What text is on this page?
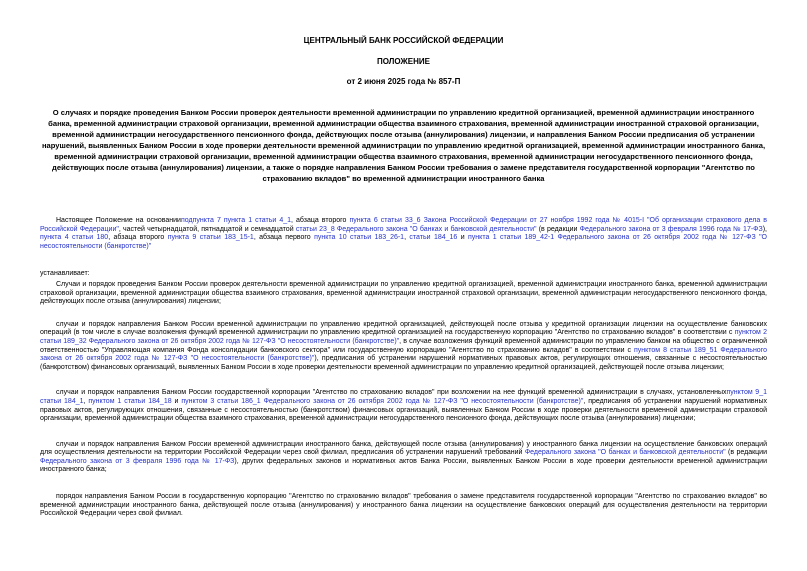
ЦЕНТРАЛЬНЫЙ БАНК РОССИЙСКОЙ ФЕДЕРАЦИИ
ПОЛОЖЕНИЕ
от 2 июня 2025 года № 857-П
О случаях и порядке проведения Банком России проверок деятельности временной администрации по управлению кредитной организацией, временной администрации иностранного банка, временной администрации страховой организации, временной администрации общества взаимного страхования, временной администрации иностранной страховой организации, временной администрации негосударственного пенсионного фонда, действующих после отзыва (аннулирования) лицензии, и направления Банком России предписания об устранении нарушений, выявленных Банком России в ходе проверки деятельности временной администрации по управлению кредитной организацией, временной администрации иностранного банка, временной администрации страховой организации, временной администрации общества взаимного страхования, временной администрации негосударственного пенсионного фонда, действующих после отзыва (аннулирования) лицензии, а также о порядке направления Банком России требования о замене представителя государственной корпорации "Агентство по страхованию вкладов" во временной администрации иностранного банка

Настоящее Положение на основанииподпункта 7 пункта 1 статьи 4_1, абзаца второго пункта 6 статьи 33_6 Закона Российской Федерации от 27 ноября 1992 года № 4015-I "Об организации страхового дела в Российской Федерации", частей четырнадцатой, пятнадцатой и семнадцатой статьи 23_8 Федерального закона "О банках и банковской деятельности" (в редакции Федерального закона от 3 февраля 1996 года № 17-ФЗ), пункта 4 статьи 180, абзаца второго пункта 9 статьи 183_15-1, абзаца первого пункта 10 статьи 183_26-1, статьи 184_16 и пункта 1 статьи 189_42-1 Федерального закона от 26 октября 2002 года № 127-ФЗ "О несостоятельности (банкротстве)"

устанавливает:

Случаи и порядок проведения Банком России проверок деятельности временной администрации по управлению кредитной организацией, временной администрации иностранного банка, временной администрации страховой организации, временной администрации общества взаимного страхования, временной администрации иностранной страховой организации, временной администрации негосударственного пенсионного фонда, действующих после отзыва (аннулирования) лицензии;

случаи и порядок направления Банком России временной администрации по управлению кредитной организацией, действующей после отзыва у кредитной организации лицензии на осуществление банковских операций (в том числе в случае возложения функций временной администрации по управлению кредитной организацией на государственную корпорацию "Агентство по страхованию вкладов" в соответствии с пунктом 2 статьи 189_32 Федерального закона от 26 октября 2002 года № 127-ФЗ "О несостоятельности (банкротстве)", в случае возложения функций временной администрации по управлению банком на общество с ограниченной ответственностью "Управляющая компания Фонда консолидации банковского сектора" или государственную корпорацию "Агентство по страхованию вкладов" в соответствии с пунктом 8 статьи 189_51 Федерального закона от 26 октября 2002 года № 127-ФЗ "О несостоятельности (банкротстве)"), предписания об устранении нарушений нормативных правовых актов, регулирующих отношения, связанные с несостоятельностью (банкротством) финансовых организаций, выявленных Банком России в ходе проверки деятельности временной администрации по управлению кредитной организацией, действующей после отзыва лицензии;

случаи и порядок направления Банком России государственной корпорации "Агентство по страхованию вкладов" при возложении на нее функций временной администрации в случаях, установленныхпунктом 9_1 статьи 184_1, пунктом 1 статьи 184_18 и пунктом 3 статьи 186_1 Федерального закона от 26 октября 2002 года № 127-ФЗ "О несостоятельности (банкротстве)", предписания об устранении нарушений нормативных правовых актов, регулирующих отношения, связанные с несостоятельностью (банкротством) финансовых организаций, выявленных Банком России в ходе проверки деятельности временной администрации страховой организации, временной администрации общества взаимного страхования, временной администрации негосударственного пенсионного фонда, действующих после отзыва (аннулирования) лицензии;

случаи и порядок направления Банком России временной администрации иностранного банка, действующей после отзыва (аннулирования) у иностранного банка лицензии на осуществление банковских операций для осуществления деятельности на территории Российской Федерации через свой филиал, предписания об устранении нарушений требований Федерального закона "О банках и банковской деятельности" (в редакции Федерального закона от 3 февраля 1996 года № 17-ФЗ), других федеральных законов и нормативных актов Банка России, выявленных Банком России в ходе проверки деятельности временной администрации иностранного банка;

порядок направления Банком России в государственную корпорацию "Агентство по страхованию вкладов" требования о замене представителя государственной корпорации "Агентство по страхованию вкладов" во временной администрации иностранного банка, действующей после отзыва (аннулирования) у иностранного банка лицензии на осуществление банковских операций для осуществления деятельности на территории Российской Федерации через свой филиал.
